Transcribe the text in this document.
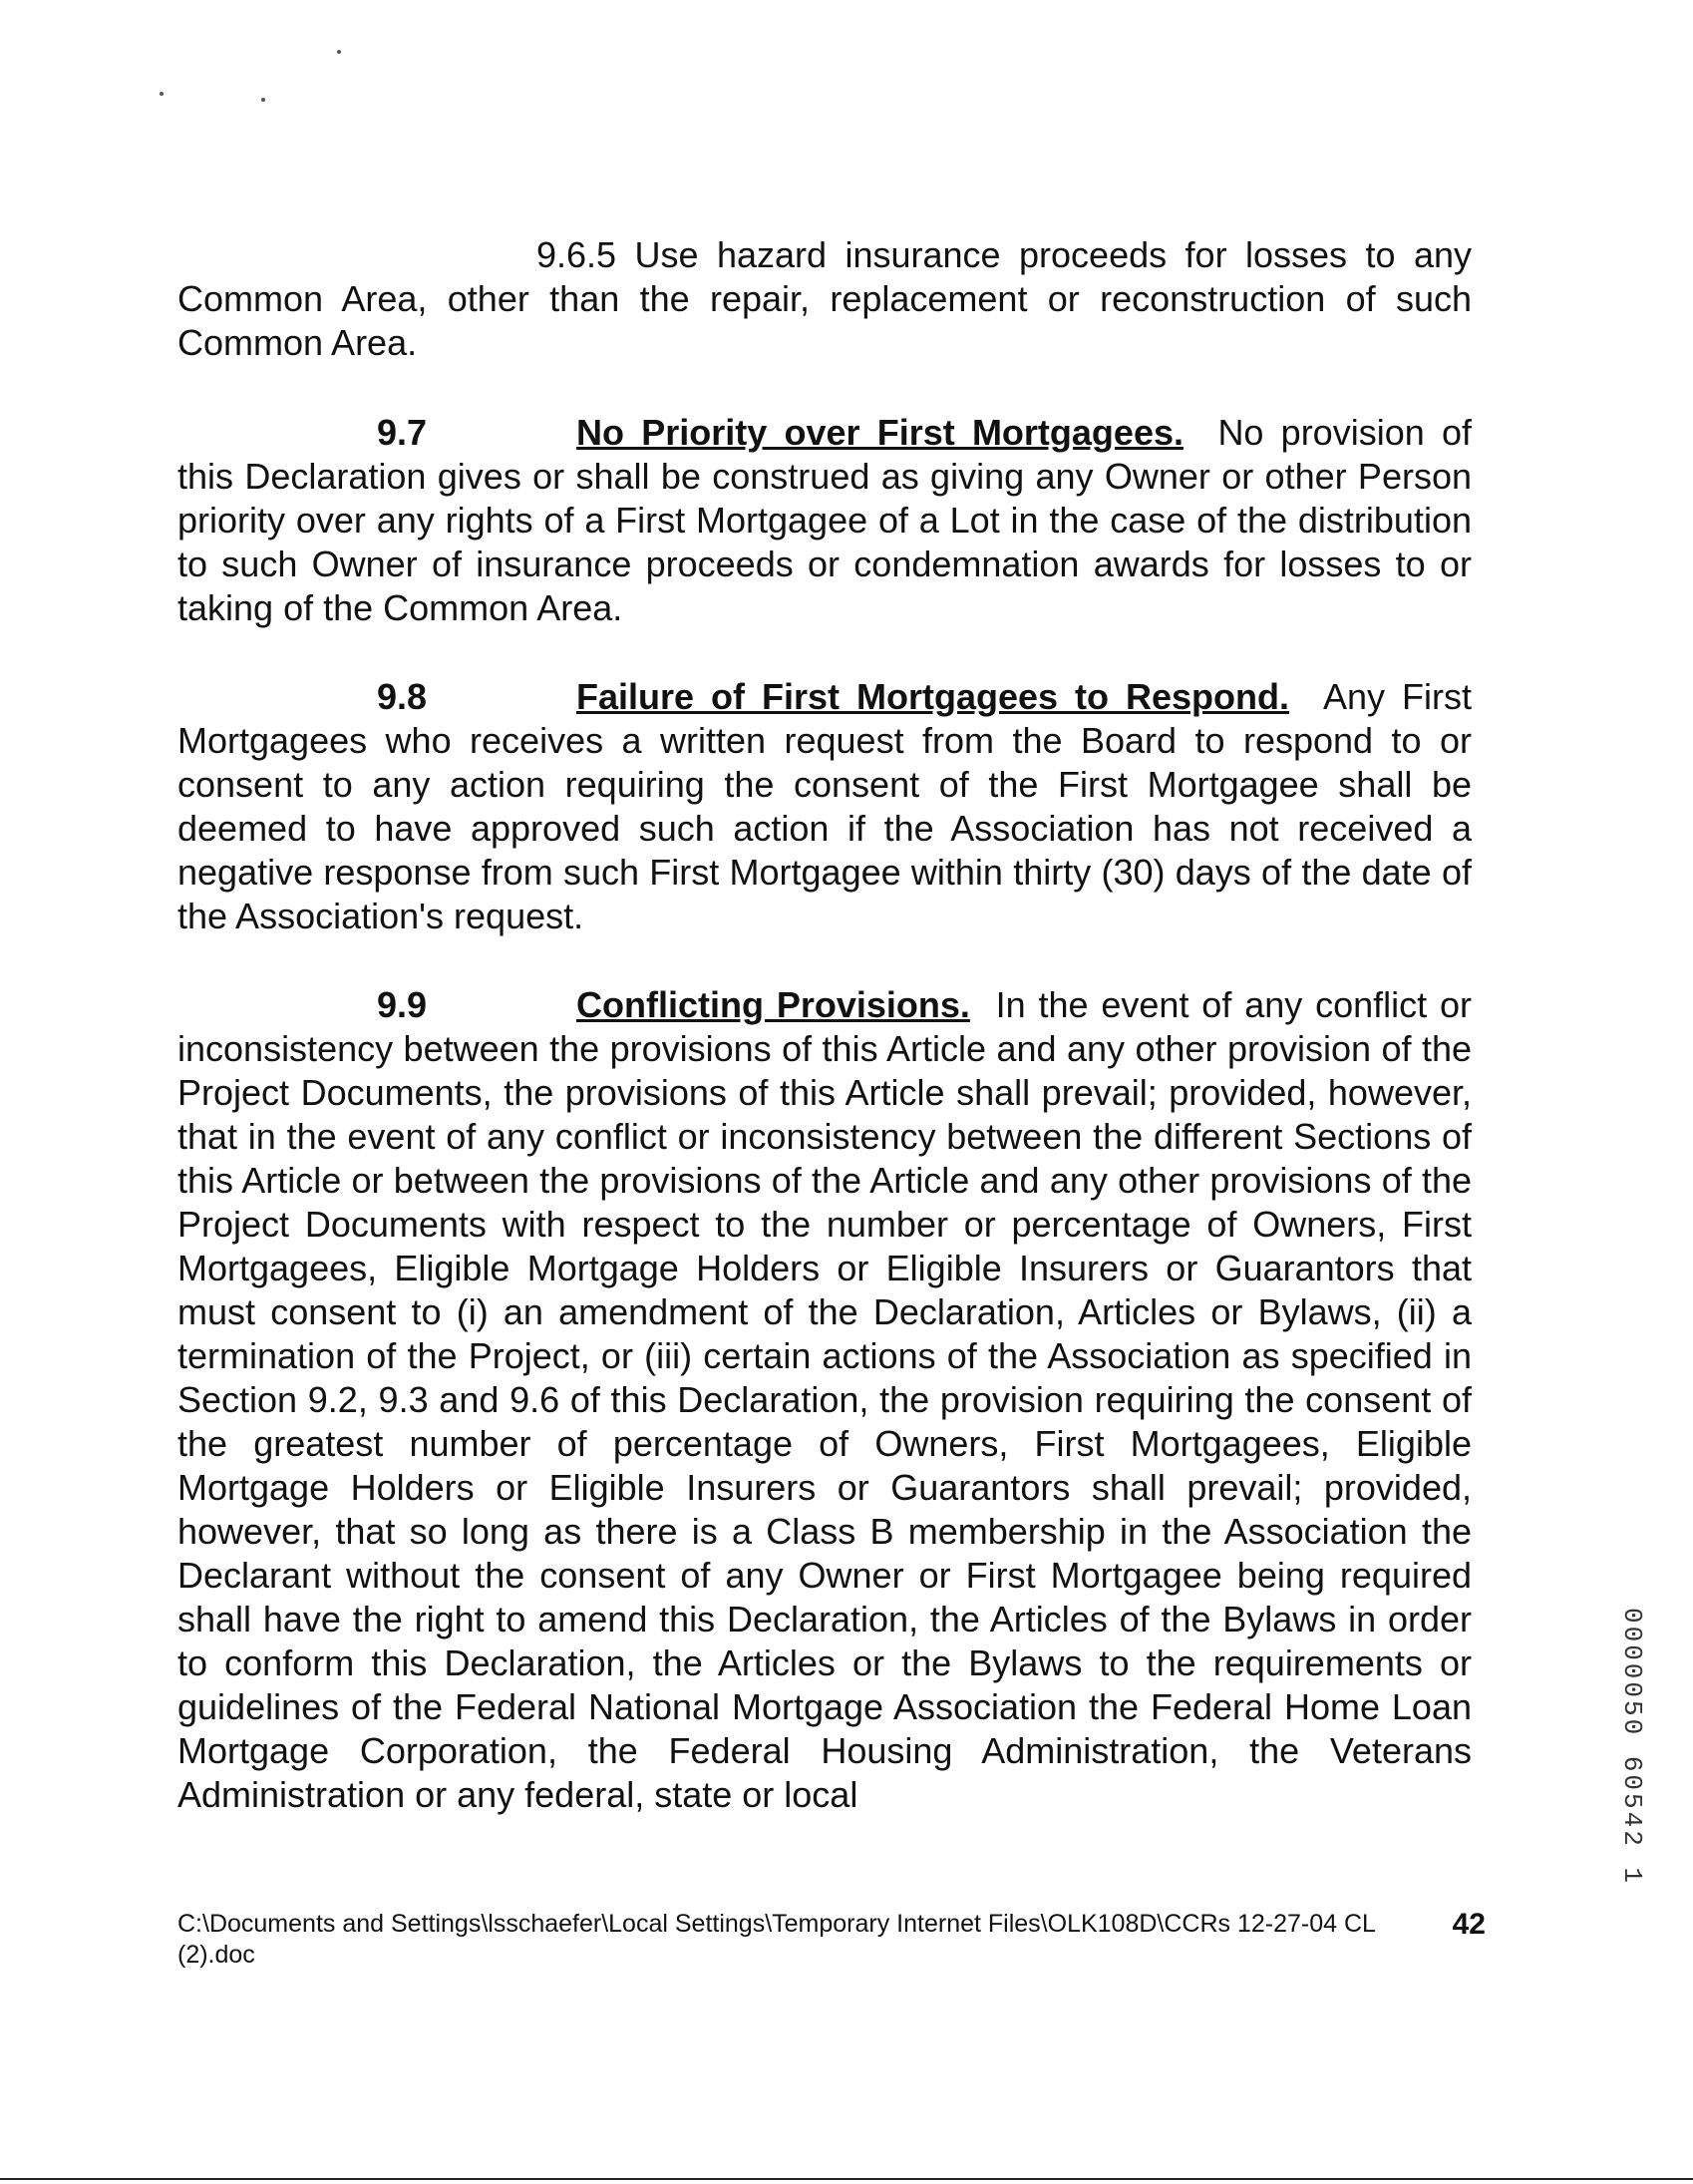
9.6.5 Use hazard insurance proceeds for losses to any Common Area, other than the repair, replacement or reconstruction of such Common Area.

9.7	No Priority over First Mortgagees. No provision of this Declaration gives or shall be construed as giving any Owner or other Person priority over any rights of a First Mortgagee of a Lot in the case of the distribution to such Owner of insurance proceeds or condemnation awards for losses to or taking of the Common Area.

9.8	Failure of First Mortgagees to Respond. Any First Mortgagees who receives a written request from the Board to respond to or consent to any action requiring the consent of the First Mortgagee shall be deemed to have approved such action if the Association has not received a negative response from such First Mortgagee within thirty (30) days of the date of the Association's request.

9.9	Conflicting Provisions. In the event of any conflict or inconsistency between the provisions of this Article and any other provision of the Project Documents, the provisions of this Article shall prevail; provided, however, that in the event of any conflict or inconsistency between the different Sections of this Article or between the provisions of the Article and any other provisions of the Project Documents with respect to the number or percentage of Owners, First Mortgagees, Eligible Mortgage Holders or Eligible Insurers or Guarantors that must consent to (i) an amendment of the Declaration, Articles or Bylaws, (ii) a termination of the Project, or (iii) certain actions of the Association as specified in Section 9.2, 9.3 and 9.6 of this Declaration, the provision requiring the consent of the greatest number of percentage of Owners, First Mortgagees, Eligible Mortgage Holders or Eligible Insurers or Guarantors shall prevail; provided, however, that so long as there is a Class B membership in the Association the Declarant without the consent of any Owner or First Mortgagee being required shall have the right to amend this Declaration, the Articles of the Bylaws in order to conform this Declaration, the Articles or the Bylaws to the requirements or guidelines of the Federal National Mortgage Association the Federal Home Loan Mortgage Corporation, the Federal Housing Administration, the Veterans Administration or any federal, state or local

C:\Documents and Settings\lsschaefer\Local Settings\Temporary Internet Files\OLK108D\CCRs 12-27-04 CL (2).doc
42
0000050 60542 1
